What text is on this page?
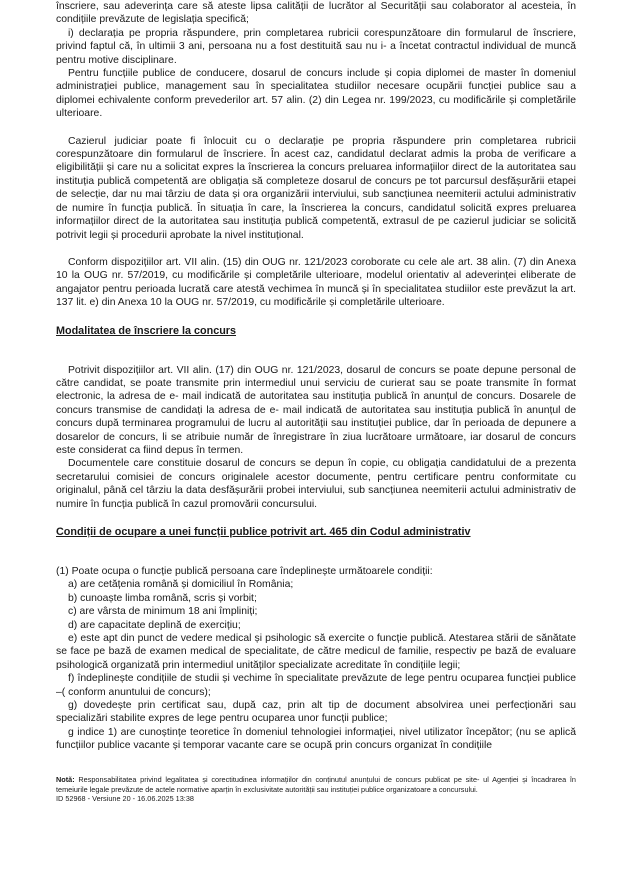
înscriere, sau adeverința care să ateste lipsa calității de lucrător al Securității sau colaborator al acesteia, în condițiile prevăzute de legislația specifică;

i) declarația pe propria răspundere, prin completarea rubricii corespunzătoare din formularul de înscriere, privind faptul că, în ultimii 3 ani, persoana nu a fost destituită sau nu i- a încetat contractul individual de muncă pentru motive disciplinare.

Pentru funcțiile publice de conducere, dosarul de concurs include și copia diplomei de master în domeniul administrației publice, management sau în specialitatea studiilor necesare ocupării funcției publice sau a diplomei echivalente conform prevederilor art. 57 alin. (2) din Legea nr. 199/2023, cu modificările și completările ulterioare.

Cazierul judiciar poate fi înlocuit cu o declarație pe propria răspundere prin completarea rubricii corespunzătoare din formularul de înscriere. În acest caz, candidatul declarat admis la proba de verificare a eligibilității și care nu a solicitat expres la înscrierea la concurs preluarea informațiilor direct de la autoritatea sau instituția publică competentă are obligația să completeze dosarul de concurs pe tot parcursul desfășurării etapei de selecție, dar nu mai târziu de data și ora organizării interviului, sub sancțiunea neemiterii actului administrativ de numire în funcția publică. În situația în care, la înscrierea la concurs, candidatul solicită expres preluarea informațiilor direct de la autoritatea sau instituția publică competentă, extrasul de pe cazierul judiciar se solicită potrivit legii și procedurii aprobate la nivel instituțional.

Conform dispozițiilor art. VII alin. (15) din OUG nr. 121/2023 coroborate cu cele ale art. 38 alin. (7) din Anexa 10 la OUG nr. 57/2019, cu modificările și completările ulterioare, modelul orientativ al adeverinței eliberate de angajator pentru perioada lucrată care atestă vechimea în muncă și în specialitatea studiilor este prevăzut la art. 137 lit. e) din Anexa 10 la OUG nr. 57/2019, cu modificările și completările ulterioare.

Modalitatea de înscriere la concurs

Potrivit dispozițiilor art. VII alin. (17) din OUG nr. 121/2023, dosarul de concurs se poate depune personal de către candidat, se poate transmite prin intermediul unui serviciu de curierat sau se poate transmite în format electronic, la adresa de e- mail indicată de autoritatea sau instituția publică în anunțul de concurs. Dosarele de concurs transmise de candidați la adresa de e- mail indicată de autoritatea sau instituția publică în anunțul de concurs după terminarea programului de lucru al autorității sau instituției publice, dar în perioada de depunere a dosarelor de concurs, li se atribuie număr de înregistrare în ziua lucrătoare următoare, iar dosarul de concurs este considerat ca fiind depus în termen.

Documentele care constituie dosarul de concurs se depun în copie, cu obligația candidatului de a prezenta secretarului comisiei de concurs originalele acestor documente, pentru certificare pentru conformitate cu originalul, până cel târziu la data desfășurării probei interviului, sub sancțiunea neemiterii actului administrativ de numire în funcția publică în cazul promovării concursului.

Condiții de ocupare a unei funcții publice potrivit art. 465 din Codul administrativ

(1) Poate ocupa o funcție publică persoana care îndeplinește următoarele condiții:

a) are cetățenia română și domiciliul în România;

b) cunoaște limba română, scris și vorbit;

c) are vârsta de minimum 18 ani împliniți;

d) are capacitate deplină de exercițiu;

e) este apt din punct de vedere medical și psihologic să exercite o funcție publică. Atestarea stării de sănătate se face pe bază de examen medical de specialitate, de către medicul de familie, respectiv pe bază de evaluare psihologică organizată prin intermediul unităților specializate acreditate în condițiile legii;

f) îndeplinește condițiile de studii și vechime în specialitate prevăzute de lege pentru ocuparea funcției publice –( conform anuntului de concurs);

g) dovedește prin certificat sau, după caz, prin alt tip de document absolvirea unei perfecționări sau specializări stabilite expres de lege pentru ocuparea unor funcții publice;

g indice 1) are cunoștințe teoretice în domeniul tehnologiei informației, nivel utilizator începător; (nu se aplică funcțiilor publice vacante și temporar vacante care se ocupă prin concurs organizat în condițiile

Notă: Responsabilitatea privind legalitatea și corectitudinea informațiilor din conținutul anunțului de concurs publicat pe site- ul Agenției și încadrarea în temeiurile legale prevăzute de actele normative aparțin în exclusivitate autorității sau instituției publice organizatoare a concursului.

ID 52968 - Versiune 20 - 16.06.2025 13:38
